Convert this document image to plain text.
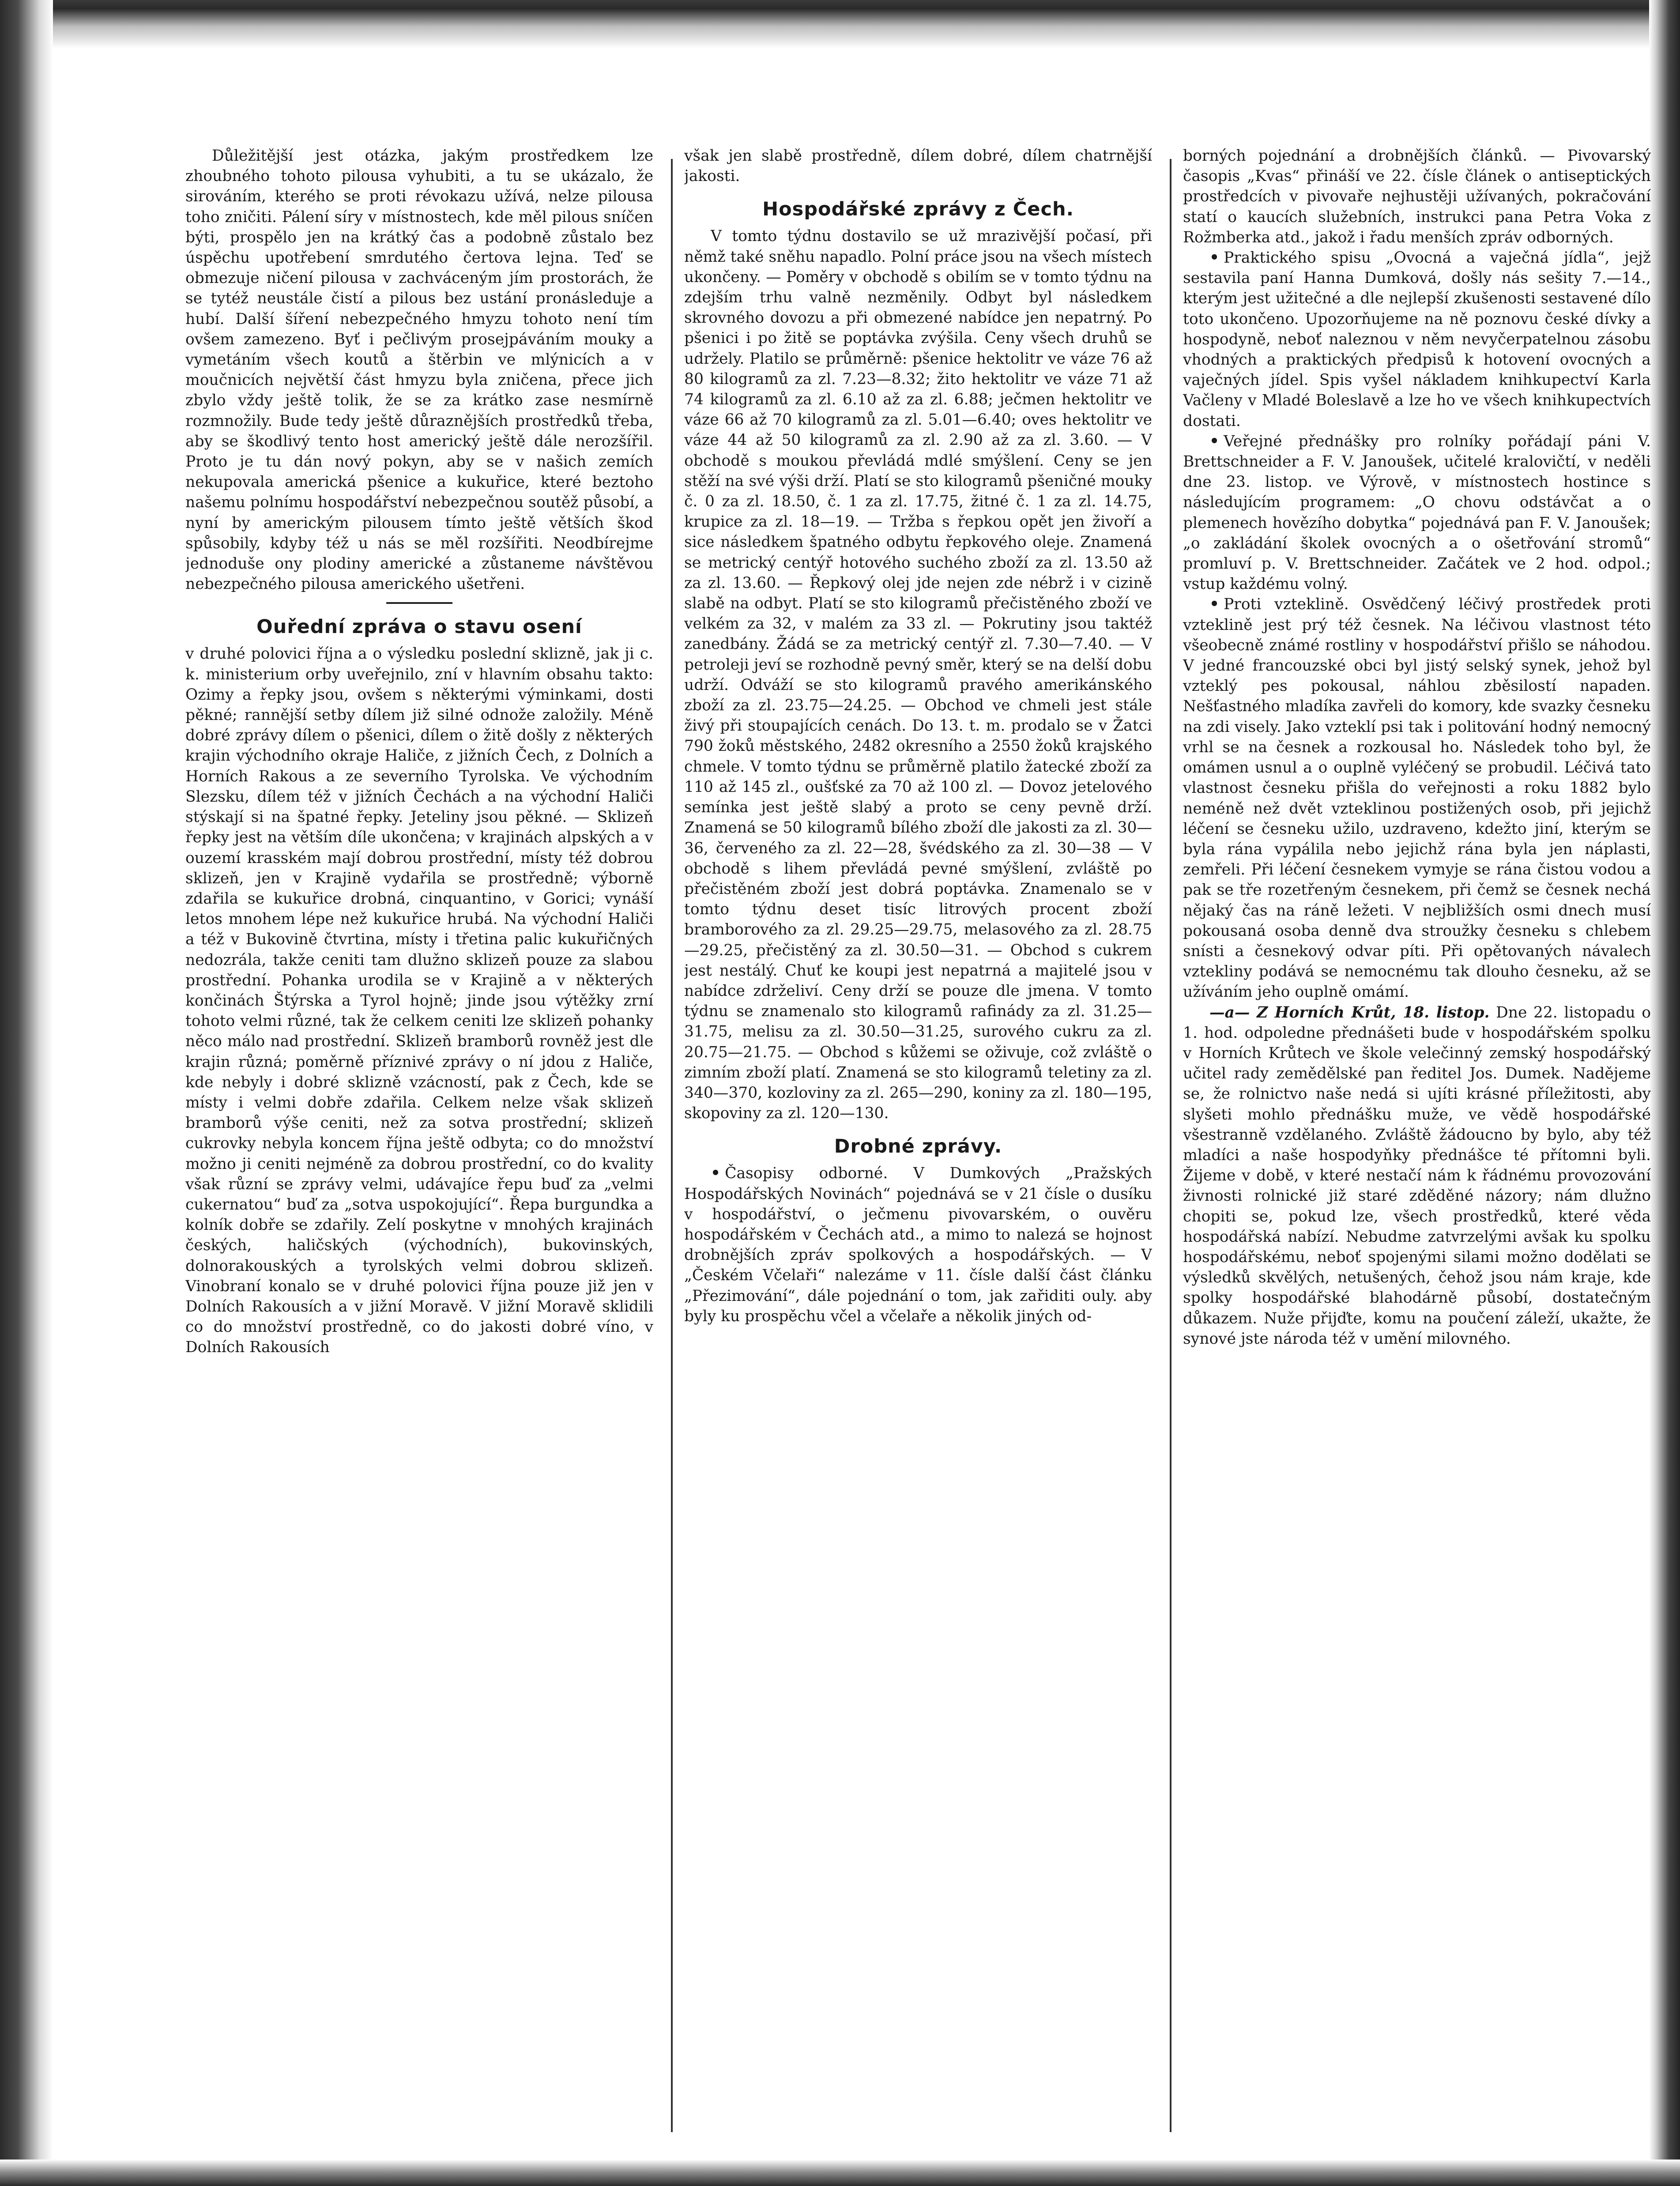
Důležitější jest otázka, jakým prostředkem lze zhoubného tohoto pilousa vyhubiti, a tu se ukázalo, že sirováním, kterého se proti révokazu užívá, nelze pilousa toho zničiti. Pálení síry v místnostech, kde měl pilous sníčen býti, prospělo jen na krátký čas a podobně zůstalo bez úspěchu upotřebení smrdutého čertova lejna. Teď se obmezuje ničení pilousa v zachváceným jím prostorách, že se tytéž neustále čistí a pilous bez ustání pronásleduje a hubí. Další šíření nebezpečného hmyzu tohoto není tím ovšem zamezeno. Byť i pečlivým prosejpáváním mouky a vymetáním všech koutů a štěrbin ve mlýnicích a v moučnicích největší část hmyzu byla zničena, přece jich zbylo vždy ještě tolik, že se za krátko zase nesmírně rozmnožily. Bude tedy ještě důraznějších prostředků třeba, aby se škodlivý tento host americký ještě dále nerozšířil. Proto je tu dán nový pokyn, aby se v našich zemích nekupovala americká pšenice a kukuřice, které beztoho našemu polnímu hospodářství nebezpečnou soutěž působí, a nyní by americkým pilousem tímto ještě větších škod spůsobily, kdyby též u nás se měl rozšířiti. Neodbírejme jednoduše ony plodiny americké a zůstaneme návštěvou nebezpečného pilousa amerického ušetřeni.

Ouřední zpráva o stavu osení

v druhé polovici října a o výsledku poslední sklizně, jak ji c. k. ministerium orby uveřejnilo, zní v hlavním obsahu takto: Ozimy a řepky jsou, ovšem s některými výminkami, dosti pěkné; rannější setby dílem již silné odnože založily. Méně dobré zprávy dílem o pšenici, dílem o žitě došly z některých krajin východního okraje Haliče, z jižních Čech, z Dolních a Horních Rakous a ze severního Tyrolska. Ve východním Slezsku, dílem též v jižních Čechách a na východní Haliči stýskají si na špatné řepky. Jeteliny jsou pěkné. — Sklizeň řepky jest na větším díle ukončena; v krajinách alpských a v ouzemí krasském mají dobrou prostřední, místy též dobrou sklizeň, jen v Krajině vydařila se prostředně; výborně zdařila se kukuřice drobná, cinquantino, v Gorici; vynáší letos mnohem lépe než kukuřice hrubá. Na východní Haliči a též v Bukovině čtvrtina, místy i třetina palic kukuřičných nedozrála, takže ceniti tam dlužno sklizeň pouze za slabou prostřední. Pohanka urodila se v Krajině a v některých končinách Štýrska a Tyrol hojně; jinde jsou výtěžky zrní tohoto velmi různé, tak že celkem ceniti lze sklizeň pohanky něco málo nad prostřední. Sklizeň bramborů rovněž jest dle krajin různá; poměrně příznivé zprávy o ní jdou z Haliče, kde nebyly i dobré sklizně vzácností, pak z Čech, kde se místy i velmi dobře zdařila. Celkem nelze však sklizeň bramborů výše ceniti, než za sotva prostřední; sklizeň cukrovky nebyla koncem října ještě odbyta; co do množství možno ji ceniti nejméně za dobrou prostřední, co do kvality však různí se zprávy velmi, udávajíce řepu buď za „velmi cukernatou“ buď za „sotva uspokojující“. Řepa burgundka a kolník dobře se zdařily. Zelí poskytne v mnohých krajinách českých, haličských (východních), bukovinských, dolnorakouských a tyrolských velmi dobrou sklizeň. Vinobraní konalo se v druhé polovici října pouze již jen v Dolních Rakousích a v jižní Moravě. V jižní Moravě sklidili co do množství prostředně, co do jakosti dobré víno, v Dolních Rakousích

však jen slabě prostředně, dílem dobré, dílem chatrnější jakosti.

Hospodářské zprávy z Čech.

V tomto týdnu dostavilo se už mrazivější počasí, při němž také sněhu napadlo. Polní práce jsou na všech místech ukončeny. — Poměry v obchodě s obilím se v tomto týdnu na zdejším trhu valně nezměnily. Odbyt byl následkem skrovného dovozu a při obmezené nabídce jen nepatrný. Po pšenici i po žitě se poptávka zvýšila. Ceny všech druhů se udržely. Platilo se průměrně: pšenice hektolitr ve váze 76 až 80 kilogramů za zl. 7.23—8.32; žito hektolitr ve váze 71 až 74 kilogramů za zl. 6.10 až za zl. 6.88; ječmen hektolitr ve váze 66 až 70 kilogramů za zl. 5.01—6.40; oves hektolitr ve váze 44 až 50 kilogramů za zl. 2.90 až za zl. 3.60. — V obchodě s moukou převládá mdlé smýšlení. Ceny se jen stěží na své výši drží. Platí se sto kilogramů pšeničné mouky č. 0 za zl. 18.50, č. 1 za zl. 17.75, žitné č. 1 za zl. 14.75, krupice za zl. 18—19. — Tržba s řepkou opět jen živoří a sice následkem špatného odbytu řepkového oleje. Znamená se metrický centýř hotového suchého zboží za zl. 13.50 až za zl. 13.60. — Řepkový olej jde nejen zde nébrž i v cizině slabě na odbyt. Platí se sto kilogramů přečistěného zboží ve velkém za 32, v malém za 33 zl. — Pokrutiny jsou taktéž zanedbány. Žádá se za metrický centýř zl. 7.30—7.40. — V petroleji jeví se rozhodně pevný směr, který se na delší dobu udrží. Odváží se sto kilogramů pravého amerikánského zboží za zl. 23.75—24.25. — Obchod ve chmeli jest stále živý při stoupajících cenách. Do 13. t. m. prodalo se v Žatci 790 žoků městského, 2482 okresního a 2550 žoků krajského chmele. V tomto týdnu se průměrně platilo žatecké zboží za 110 až 145 zl., oušťské za 70 až 100 zl. — Dovoz jetelového semínka jest ještě slabý a proto se ceny pevně drží. Znamená se 50 kilogramů bílého zboží dle jakosti za zl. 30—36, červeného za zl. 22—28, švédského za zl. 30—38 — V obchodě s lihem převládá pevné smýšlení, zvláště po přečistěném zboží jest dobrá poptávka. Znamenalo se v tomto týdnu deset tisíc litrových procent zboží bramborového za zl. 29.25—29.75, melasového za zl. 28.75—29.25, přečistěný za zl. 30.50—31. — Obchod s cukrem jest nestálý. Chuť ke koupi jest nepatrná a majitelé jsou v nabídce zdrželiví. Ceny drží se pouze dle jmena. V tomto týdnu se znamenalo sto kilogramů rafinády za zl. 31.25—31.75, melisu za zl. 30.50—31.25, surového cukru za zl. 20.75—21.75. — Obchod s kůžemi se oživuje, což zvláště o zimním zboží platí. Znamená se sto kilogramů teletiny za zl. 340—370, kozloviny za zl. 265—290, koniny za zl. 180—195, skopoviny za zl. 120—130.

Drobné zprávy.

• Časopisy odborné. V Dumkových „Pražských Hospodářských Novinách“ pojednává se v 21 čísle o dusíku v hospodářství, o ječmenu pivovarském, o ouvěru hospodářském v Čechách atd., a mimo to nalezá se hojnost drobnějších zpráv spolkových a hospodářských. — V „Českém Včelaři“ nalezáme v 11. čísle další část článku „Přezimování“, dále pojednání o tom, jak zařiditi ouly. aby byly ku prospěchu včel a včelaře a několik jiných od-

borných pojednání a drobnějších článků. — Pivovarský časopis „Kvas“ přináší ve 22. čísle článek o antiseptických prostředcích v pivovaře nejhustěji užívaných, pokračování statí o kaucích služebních, instrukci pana Petra Voka z Rožmberka atd., jakož i řadu menších zpráv odborných.

• Praktického spisu „Ovocná a vaječná jídla“, jejž sestavila paní Hanna Dumková, došly nás sešity 7.—14., kterým jest užitečné a dle nejlepší zkušenosti sestavené dílo toto ukončeno. Upozorňujeme na ně poznovu české dívky a hospodyně, neboť naleznou v něm nevyčerpatelnou zásobu vhodných a praktických předpisů k hotovení ovocných a vaječných jídel. Spis vyšel nákladem knihkupectví Karla Vačleny v Mladé Boleslavě a lze ho ve všech knihkupectvích dostati.

• Veřejné přednášky pro rolníky pořádají páni V. Brettschneider a F. V. Janoušek, učitelé kralovičtí, v neděli dne 23. listop. ve Výrově, v místnostech hostince s následujícím programem: „O chovu odstávčat a o plemenech hovězího dobytka“ pojednává pan F. V. Janoušek; „o zakládání školek ovocných a o ošetřování stromů“ promluví p. V. Brettschneider. Začátek ve 2 hod. odpol.; vstup každému volný.

• Proti vzteklině. Osvědčený léčivý prostředek proti vzteklině jest prý též česnek. Na léčivou vlastnost této všeobecně známé rostliny v hospodářství přišlo se náhodou. V jedné francouzské obci byl jistý selský synek, jehož byl vzteklý pes pokousal, náhlou zběsilostí napaden. Nešťastného mladíka zavřeli do komory, kde svazky česneku na zdi visely. Jako vzteklí psi tak i politování hodný nemocný vrhl se na česnek a rozkousal ho. Následek toho byl, že omámen usnul a o ouplně vyléčený se probudil. Léčivá tato vlastnost česneku přišla do veřejnosti a roku 1882 bylo neméně než dvět vzteklinou postižených osob, při jejichž léčení se česneku užilo, uzdraveno, kdežto jiní, kterým se byla rána vypálila nebo jejichž rána byla jen náplasti, zemřeli. Při léčení česnekem vymyje se rána čistou vodou a pak se tře rozetřeným česnekem, při čemž se česnek nechá nějaký čas na ráně ležeti. V nejbližších osmi dnech musí pokousaná osoba denně dva stroužky česneku s chlebem snísti a česnekový odvar píti. Při opětovaných návalech vztekliny podává se nemocnému tak dlouho česneku, až se užíváním jeho ouplně omámí.

—a— Z Horních Krůt, 18. listop. Dne 22. listopadu o 1. hod. odpoledne přednášeti bude v hospodářském spolku v Horních Krůtech ve škole velečinný zemský hospodářský učitel rady zemědělské pan ředitel Jos. Dumek. Nadějeme se, že rolnictvo naše nedá si ujíti krásné příležitosti, aby slyšeti mohlo přednášku muže, ve vědě hospodářské všestranně vzdělaného. Zvláště žádoucno by bylo, aby též mladíci a naše hospodyňky přednášce té přítomni byli. Žijeme v době, v které nestačí nám k řádnému provozování živnosti rolnické již staré zděděné názory; nám dlužno chopiti se, pokud lze, všech prostředků, které věda hospodářská nabízí. Nebudme zatvrzelými avšak ku spolku hospodářskému, neboť spojenými silami možno dodělati se výsledků skvělých, netušených, čehož jsou nám kraje, kde spolky hospodářské blahodárně působí, dostatečným důkazem. Nuže přijďte, komu na poučení záleží, ukažte, že synové jste národa též v umění milovného.
